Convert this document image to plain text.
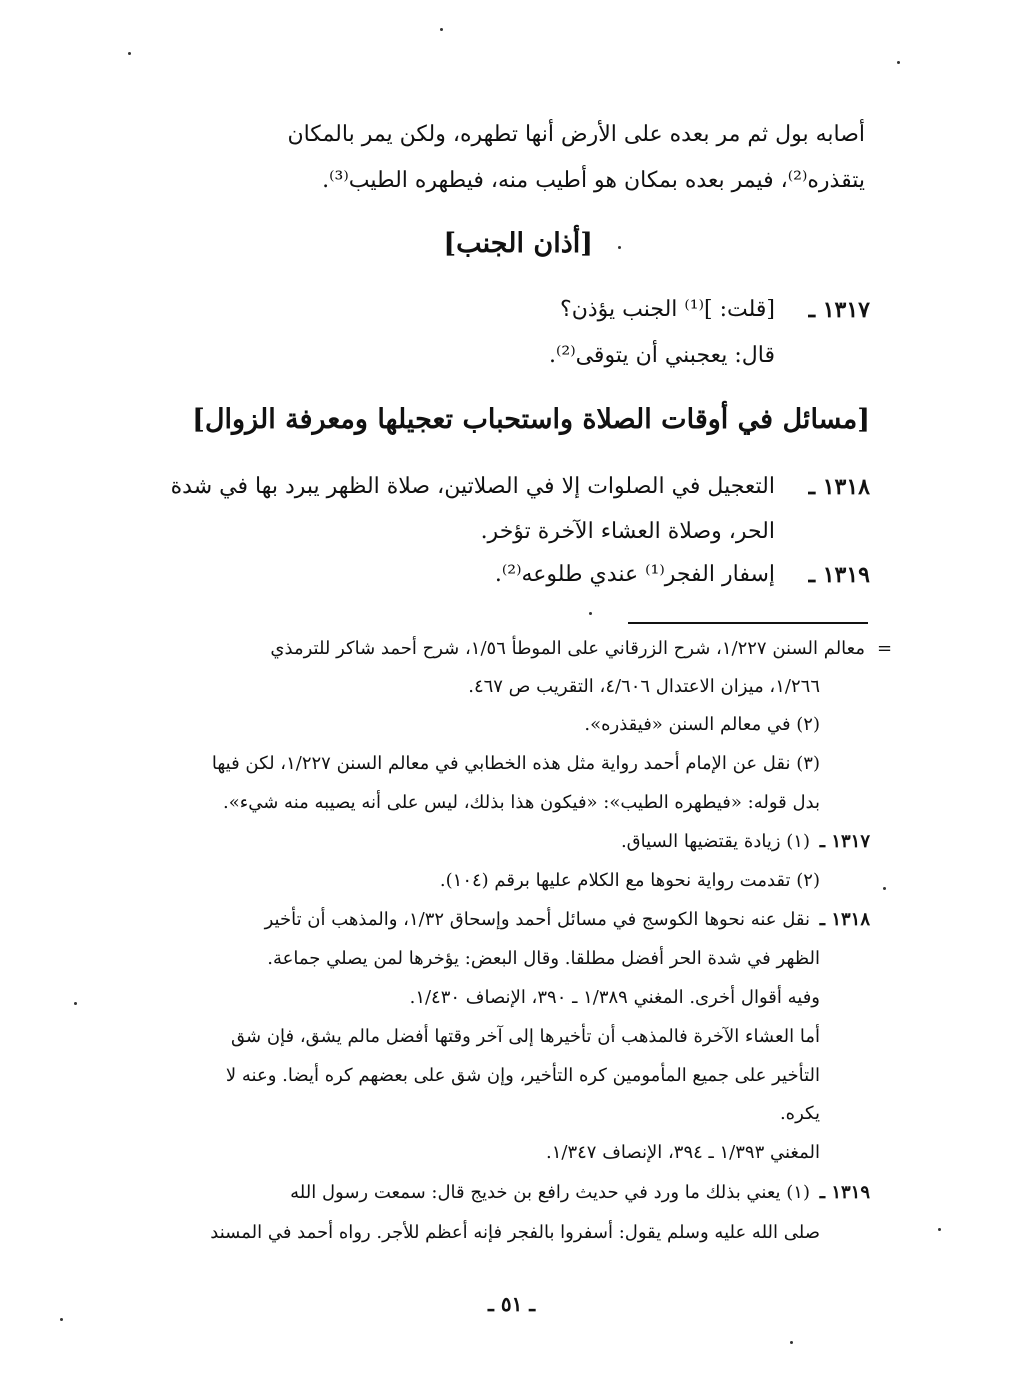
أصابه بول ثم مر بعده على الأرض أنها تطهره، ولكن يمر بالمكان
يتقذره⁽²⁾، فيمر بعده بمكان هو أطيب منه، فيطهره الطيب⁽³⁾.
[أذان الجنب]
١٣١٧ ـ
[قلت: ]⁽¹⁾ الجنب يؤذن؟
قال: يعجبني أن يتوقى⁽²⁾.
[مسائل في أوقات الصلاة واستحباب تعجيلها ومعرفة الزوال]
١٣١٨ ـ
التعجيل في الصلوات إلا في الصلاتين، صلاة الظهر يبرد بها في شدة
الحر، وصلاة العشاء الآخرة تؤخر.
١٣١٩ ـ
إسفار الفجر⁽¹⁾ عندي طلوعه⁽²⁾.
=
معالم السنن ١/٢٢٧، شرح الزرقاني على الموطأ ١/٥٦، شرح أحمد شاكر للترمذي
١/٢٦٦، ميزان الاعتدال ٤/٦٠٦، التقريب ص ٤٦٧.
(٢) في معالم السنن «فيقذره».
(٣) نقل عن الإمام أحمد رواية مثل هذه الخطابي في معالم السنن ١/٢٢٧، لكن فيها
بدل قوله: «فيطهره الطيب»: «فيكون هذا بذلك، ليس على أنه يصيبه منه شيء».
١٣١٧ ـ
(١) زيادة يقتضيها السياق.
(٢) تقدمت رواية نحوها مع الكلام عليها برقم (١٠٤).
١٣١٨ ـ
نقل عنه نحوها الكوسج في مسائل أحمد وإسحاق ١/٣٢، والمذهب أن تأخير
الظهر في شدة الحر أفضل مطلقا. وقال البعض: يؤخرها لمن يصلي جماعة.
وفيه أقوال أخرى. المغني ١/٣٨٩ ـ ٣٩٠، الإنصاف ١/٤٣٠.
أما العشاء الآخرة فالمذهب أن تأخيرها إلى آخر وقتها أفضل مالم يشق، فإن شق
التأخير على جميع المأمومين كره التأخير، وإن شق على بعضهم كره أيضا. وعنه لا
يكره.
المغني ١/٣٩٣ ـ ٣٩٤، الإنصاف ١/٣٤٧.
١٣١٩ ـ
(١) يعني بذلك ما ورد في حديث رافع بن خديج قال: سمعت رسول الله
صلى الله عليه وسلم يقول: أسفروا بالفجر فإنه أعظم للأجر. رواه أحمد في المسند
ـ ٥١ ـ
